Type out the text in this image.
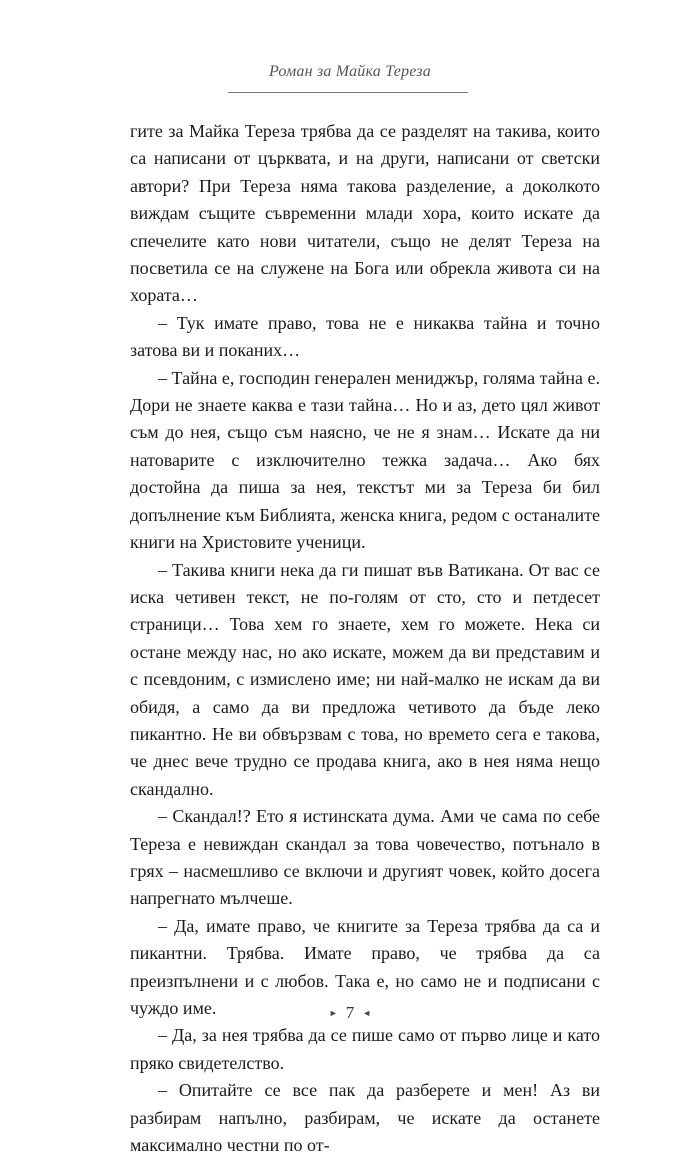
Роман за Майка Тереза

гите за Майка Тереза трябва да се разделят на такива, които са написани от църквата, и на други, написани от светски автори? При Тереза няма такова разделение, а доколкото виждам същите съвременни млади хора, които искате да спечелите като нови читатели, също не делят Тереза на посветила се на служене на Бога или обрекла живота си на хората…

– Тук имате право, това не е никаква тайна и точно затова ви и поканих…

– Тайна е, господин генерален мениджър, голяма тайна е. Дори не знаете каква е тази тайна… Но и аз, дето цял живот съм до нея, също съм наясно, че не я знам… Искате да ни натоварите с изключително тежка задача… Ако бях достойна да пиша за нея, текстът ми за Тереза би бил допълнение към Библията, женска книга, редом с останалите книги на Христовите ученици.

– Такива книги нека да ги пишат във Ватикана. От вас се иска четивен текст, не по-голям от сто, сто и петдесет страници… Това хем го знаете, хем го можете. Нека си остане между нас, но ако искате, можем да ви представим и с псевдоним, с измислено име; ни най-малко не искам да ви обидя, а само да ви предложа четивото да бъде леко пикантно. Не ви обвързвам с това, но времето сега е такова, че днес вече трудно се продава книга, ако в нея няма нещо скандално.

– Скандал!? Ето я истинската дума. Ами че сама по себе Тереза е невиждан скандал за това човечество, потънало в грях – насмешливо се включи и другият човек, който досега напрегнато мълчеше.

– Да, имате право, че книгите за Тереза трябва да са и пикантни. Трябва. Имате право, че трябва да са преизпълнени и с любов. Така е, но само не и подписани с чуждо име.

– Да, за нея трябва да се пише само от първо лице и като пряко свидетелство.

– Опитайте се все пак да разберете и мен! Аз ви разбирам напълно, разбирам, че искате да останете максимално честни по от-

► 7 ◄
